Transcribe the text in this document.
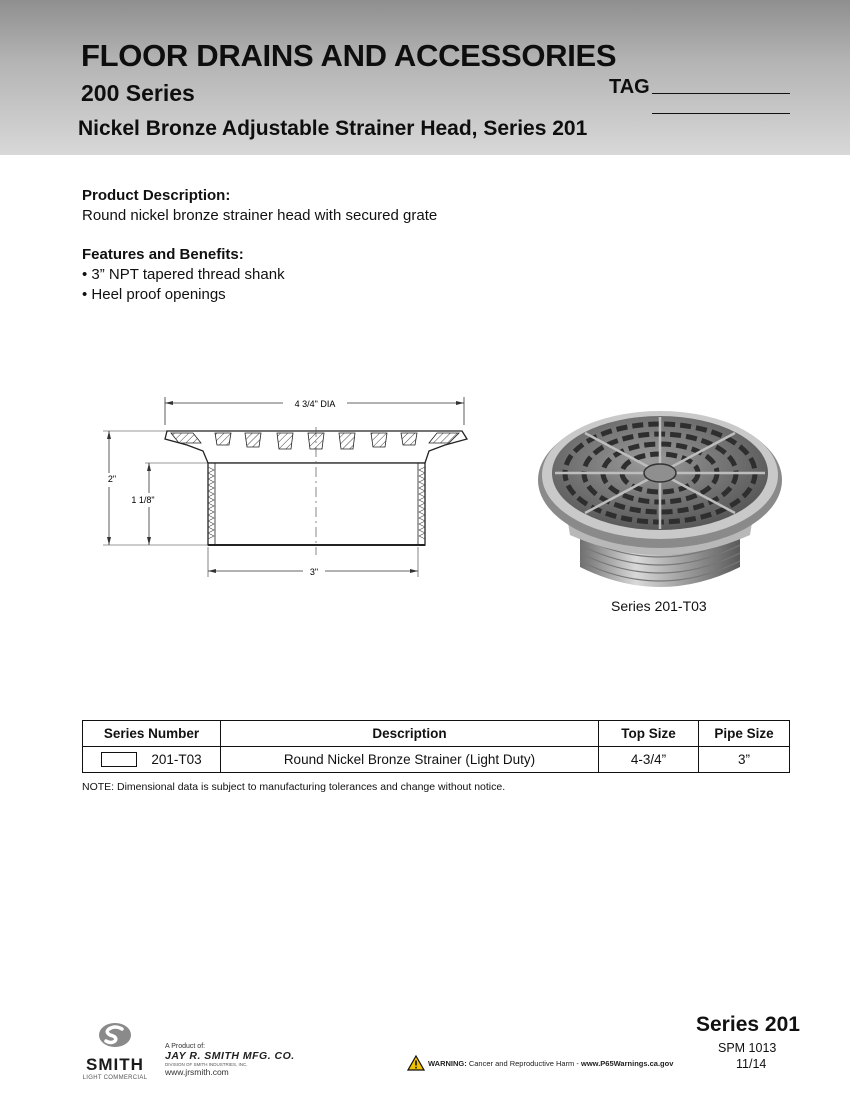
FLOOR DRAINS AND ACCESSORIES
200 Series	TAG
Nickel Bronze Adjustable Strainer Head, Series 201
Product Description:
Round nickel bronze strainer head with secured grate
Features and Benefits:
• 3” NPT tapered thread shank
• Heel proof openings
4 3/4" DIA
2"
1 1/8"
3"
Series 201-T03
Series Number	Description	Top Size	Pipe Size
201-T03	Round Nickel Bronze Strainer (Light Duty)	4-3/4”	3”
NOTE: Dimensional data is subject to manufacturing tolerances and change without notice.
SMITH
LIGHT COMMERCIAL
A Product of:
JAY R. SMITH MFG. CO.
DIVISION OF SMITH INDUSTRIES, INC.
www.jrsmith.com
WARNING:
Cancer and Reproductive Harm -
www.P65Warnings.ca.gov
Series 201
SPM 1013
11/14
